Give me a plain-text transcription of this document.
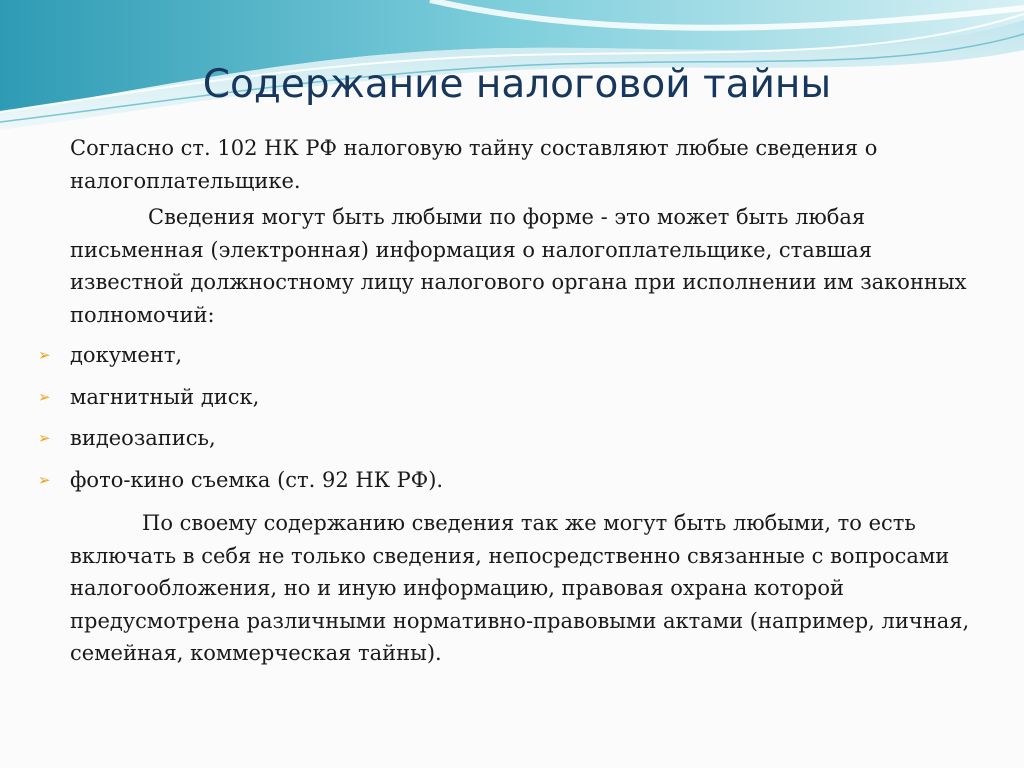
Содержание налоговой тайны

Согласно ст. 102 НК РФ налоговую тайну составляют любые сведения о налогоплательщике.

Сведения могут быть любыми по форме - это может быть любая письменная (электронная) информация о налогоплательщике, ставшая известной должностному лицу налогового органа при исполнении им законных полномочий:

➢ документ,
➢ магнитный диск,
➢ видеозапись,
➢ фото-кино съемка (ст. 92 НК РФ).

По своему содержанию сведения так же могут быть любыми, то есть включать в себя не только сведения, непосредственно связанные с вопросами налогообложения, но и иную информацию, правовая охрана которой предусмотрена различными нормативно-правовыми актами (например, личная, семейная, коммерческая тайны).
